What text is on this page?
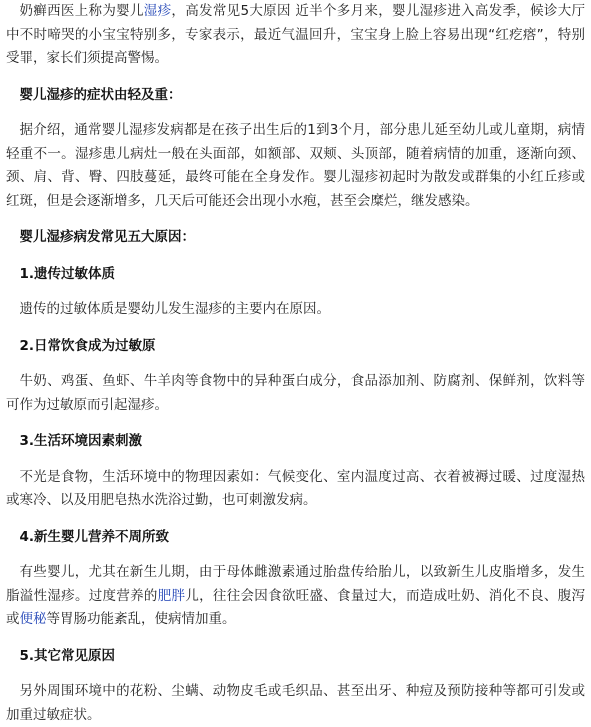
奶癣西医上称为婴儿湿疹，高发常见5大原因 近半个多月来，婴儿湿疹进入高发季，候诊大厅中不时啼哭的小宝宝特别多，专家表示，最近气温回升，宝宝身上脸上容易出现“红疙瘩”，特别受罪，家长们须提高警惕。

婴儿湿疹的症状由轻及重：

据介绍，通常婴儿湿疹发病都是在孩子出生后的1到3个月，部分患儿延至幼儿或儿童期，病情轻重不一。湿疹患儿病灶一般在头面部，如额部、双颊、头顶部，随着病情的加重，逐渐向颈、颈、肩、背、臀、四肢蔓延，最终可能在全身发作。婴儿湿疹初起时为散发或群集的小红丘疹或红斑，但是会逐渐增多，几天后可能还会出现小水疱，甚至会糜烂，继发感染。

婴儿湿疹病发常见五大原因：
1.遗传过敏体质

遗传的过敏体质是婴幼儿发生湿疹的主要内在原因。

2.日常饮食成为过敏原

牛奶、鸡蛋、鱼虾、牛羊肉等食物中的异种蛋白成分，食品添加剂、防腐剂、保鲜剂，饮料等可作为过敏原而引起湿疹。

3.生活环境因素刺激

不光是食物，生活环境中的物理因素如：气候变化、室内温度过高、衣着被褥过暖、过度湿热或寒冷、以及用肥皂热水洗浴过勤，也可刺激发病。

4.新生婴儿营养不周所致

有些婴儿，尤其在新生儿期，由于母体雌激素通过胎盘传给胎儿，以致新生儿皮脂增多，发生脂溢性湿疹。过度营养的肥胖儿，往往会因食欲旺盛、食量过大，而造成吐奶、消化不良、腹泻或便秘等胃肠功能紊乱，使病情加重。

5.其它常见原因

另外周围环境中的花粉、尘螨、动物皮毛或毛织品、甚至出牙、种痘及预防接种等都可引发或加重过敏症状。
